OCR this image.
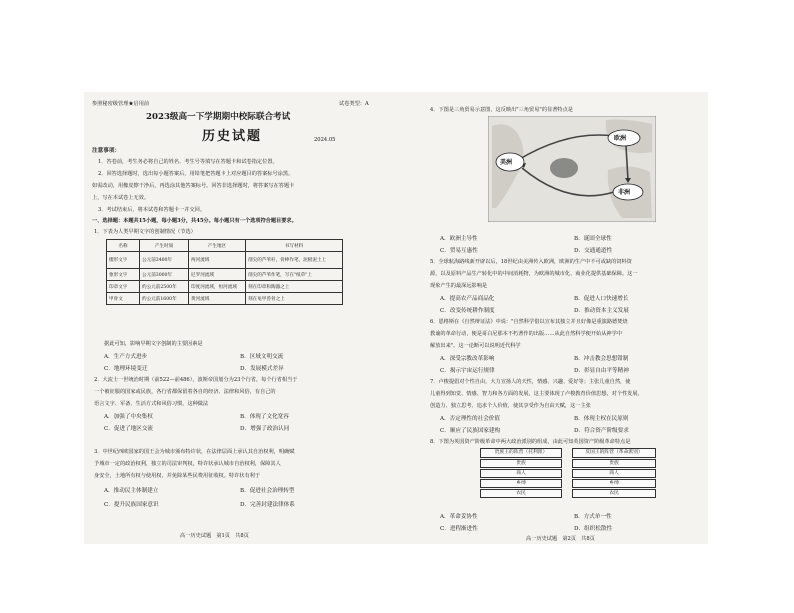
参照秘密级管理★启用前	试卷类型：A
2023级高一下学期期中校际联合考试
历史试题	2024.05
注意事项：
1．答卷前，考生务必将自己的姓名、考生号等填写在答题卡和试卷指定位置。
2．回答选择题时，选出每小题答案后，用铅笔把答题卡上对应题目的答案标号涂黑。
如需改动，用橡皮擦干净后，再选涂其他答案标号。回答非选择题时，将答案写在答题卡
上，写在本试卷上无效。
3．考试结束后，将本试卷和答题卡一并交回。
一、选择题：本题共15小题，每小题3分，共45分。每小题只有一个选项符合题目要求。
1．下表为人类早期文字的创制情况（节选）
名称	产生时间	产生地区	书写材料
楔形文字	公元前3400年	两河流域	削尖的芦苇秆，骨棒作笔，泥板泥土上
象形文字	公元前3000年	尼罗河流域	削尖的芦苇作笔，写在"纸草"上
印章文字	约公元前2500年	印度河流域，恒河流域	刻在印章和陶器之上
甲骨文	约公元前1600年	黄河流域	刻在龟甲兽骨之上
据此可知，影响早期文字创制的主要因素是
A．生产方式进步	B．区域文明交流
C．地理环境变迁	D．发展模式差异
2．大流士一世统治时期（前522—前486），波斯帝国划分为23个行省，每个行省相当于
一个被征服的国家或民族，各行省都保留着各自的经济、法律和风俗，有自己的
语言文字、军备、生活方式和风俗习惯，这种做法
A．加强了中央集权	B．体现了文化宽容
C．促进了地区交流	D．增强了政治认同
3．中世纪西欧国家的国王会为城市颁布特许状，在法律层面上承认其自治权利，明确赋
予城市一定的政治权利，独立的司法审判权，特许状承认城市自治权利，保障其人
身安全，土地所有权与使用权，并免除某些民费用征收权。特许状有利于
A．推动民主体制建立	B．促进社会治理转型
C．提升民族国家意识	D．完善封建法律体系
高一历史试题　第1页　共8页
4．下图是三角贸易示意图，这反映出"三角贸易"的显著特点是
欧洲
美洲
非洲
A．欧洲主导性	B．诞固全球性
C．贸易互惠性	D．交通通道性
5．全球航海路线新开辟以后，18世纪由美洲传入欧洲，欧洲的生产中不可或缺的饲料资
源，以及原料产品生产转化中的中间消耗物，为欧洲的城市化、商业化提供基础保障。这一
现象产生的最深远影响是
A．提高农产品商品化	B．促进人口快速增长
C．改变传统耕作制度	D．推动资本主义发展
6．恩格斯在《自然辩证法》中说："自然科学借以宣布其独立并且好像是重演路德焚烧
教谕的革命行动，便是哥白尼那本不朽著作的出版……从此自然科学便开始从神学中
解放出来"。这一论断可以说明近代科学
A．深受宗教改革影响	B．冲击教会思想钳制
C．揭示宇宙运行规律	D．彰显自由平等精神
7．卢梭提倡对个性自由，大力宣扬人的天性，情感、兴趣、爱好等；主张儿童自然，使
儿童得到知觉、情感、智力和各方面的发展，这主要体现了卢梭教育价值思想，对个性发展、
创造力、独立思考、追求个人价值，使其享受作为自由天赋，这一主张
A．否定理性的社会价值	B．体现主权在民原则
C．顺应了民族国家建构	D．符合资产阶级要求
8．下图为英国资产阶级革命中两大政治派别的组成，由此可知英国资产阶级革命特点是
贵族王的阵营（托利派）	反国王的阵营（革命派别）
贵族	贵族
商人	商人
乡绅	乡绅
农民	农民
A．革命妥协性	B．方式单一性
C．进程渐进性	D．组织松散性
高一历史试题　第2页　共8页
